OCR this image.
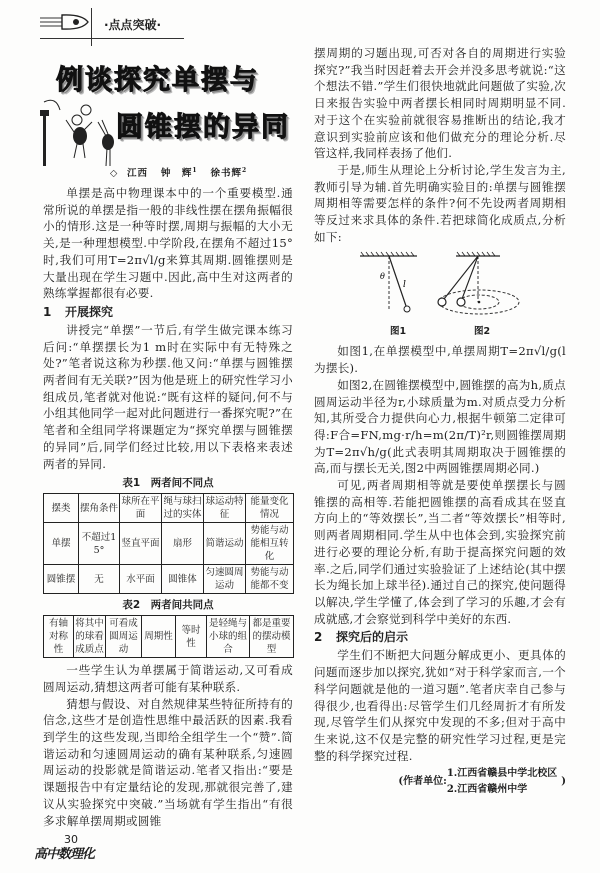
·点点突破·
例谈探究单摆与
圆锥摆的异同
◇ 江西 钟　辉$^1$ 徐书辉$^2$

单摆是高中物理课本中的一个重要模型.通常所说的单摆是指一般的非线性摆在摆角振幅很小的情形.这是一种等时摆,周期与振幅的大小无关,是一种理想模型.中学阶段,在摆角不超过15°时,我们可用T=2π√l/g来算其周期.圆锥摆则是大量出现在学生习题中.因此,高中生对这两者的熟练掌握都很有必要.

1 开展探究

讲授完“单摆”一节后,有学生做完课本练习后问:“单摆摆长为1 m时在实际中有无特殊之处?”笔者说这称为秒摆.他又问:“单摆与圆锥摆两者间有无关联?”因为他是班上的研究性学习小组成员,笔者就对他说:“既有这样的疑问,何不与小组其他同学一起对此问题进行一番探究呢?”在笔者和全组同学将课题定为“探究单摆与圆锥摆的异同”后,同学们经过比较,用以下表格来表述两者的异同.

表1　两者间不同点
摆类	摆角条件	球所在平面	绳与球扫过的实体	球运动特征	能量变化情况
单摆	不超过15°	竖直平面	扇形	简谐运动	势能与动能相互转化
圆锥摆	无	水平面	圆锥体	匀速圆周运动	势能与动能都不变
表2　两者间共同点
有轴对称性	将其中的球看成质点	可看成圆周运动	周期性	等时性	是轻绳与小球的组合	都是重要的摆动模型

一些学生认为单摆属于简谐运动,又可看成圆周运动,猜想这两者可能有某种联系.

猜想与假设、对自然规律某些特征所持有的信念,这些才是创造性思维中最活跃的因素.我看到学生的这些发现,当即给全组学生一个“赞”.简谐运动和匀速圆周运动的确有某种联系,匀速圆周运动的投影就是简谐运动.笔者又指出:“要是课题报告中有定量结论的发现,那就很完善了,建议从实验探究中突破.”当场就有学生指出“有很多求解单摆周期或圆锥

30
高中数理化

摆周期的习题出现,可否对各自的周期进行实验探究?”我当时因赶着去开会并没多思考就说:“这个想法不错.”学生们很快地就此问题做了实验,次日来报告实验中两者摆长相同时周期明显不同.对于这个在实验前就很容易推断出的结论,我才意识到实验前应该和他们做充分的理论分析.尽管这样,我同样表扬了他们.

于是,师生从理论上分析讨论,学生发言为主,教师引导为辅.首先明确实验目的:单摆与圆锥摆周期相等需要怎样的条件?何不先设两者周期相等反过来求具体的条件.若把球简化成质点,分析如下:

θ
l
图1	图2

如图1,在单摆模型中,单摆周期T=2π√l/g(l为摆长).

如图2,在圆锥摆模型中,圆锥摆的高为h,质点圆周运动半径为r,小球质量为m.对质点受力分析知,其所受合力提供向心力,根据牛顿第二定律可得:F合=FN,mg·r/h=m(2π/T)²r,则圆锥摆周期为T=2π√h/g(此式表明其周期取决于圆锥摆的高,而与摆长无关,图2中两圆锥摆周期必同.)

可见,两者周期相等就是要使单摆摆长与圆锥摆的高相等.若能把圆锥摆的高看成其在竖直方向上的“等效摆长”,当二者“等效摆长”相等时,则两者周期相同.学生从中也体会到,实验探究前进行必要的理论分析,有助于提高探究问题的效率.之后,同学们通过实验验证了上述结论(其中摆长为绳长加上球半径).通过自己的探究,使问题得以解决,学生学懂了,体会到了学习的乐趣,才会有成就感,才会察觉到科学中美好的东西.

2 探究后的启示

学生们不断把大问题分解成更小、更具体的问题而逐步加以探究,犹如“对于科学家而言,一个科学问题就是他的一道习题”.笔者庆幸自己参与得很少,也看得出:尽管学生们几经周折才有所发现,尽管学生们从探究中发现的不多;但对于高中生来说,这不仅是完整的研究性学习过程,更是完整的科学探究过程.

(作者单位:
1.江西省赣县中学北校区
2.江西省赣州中学
)
